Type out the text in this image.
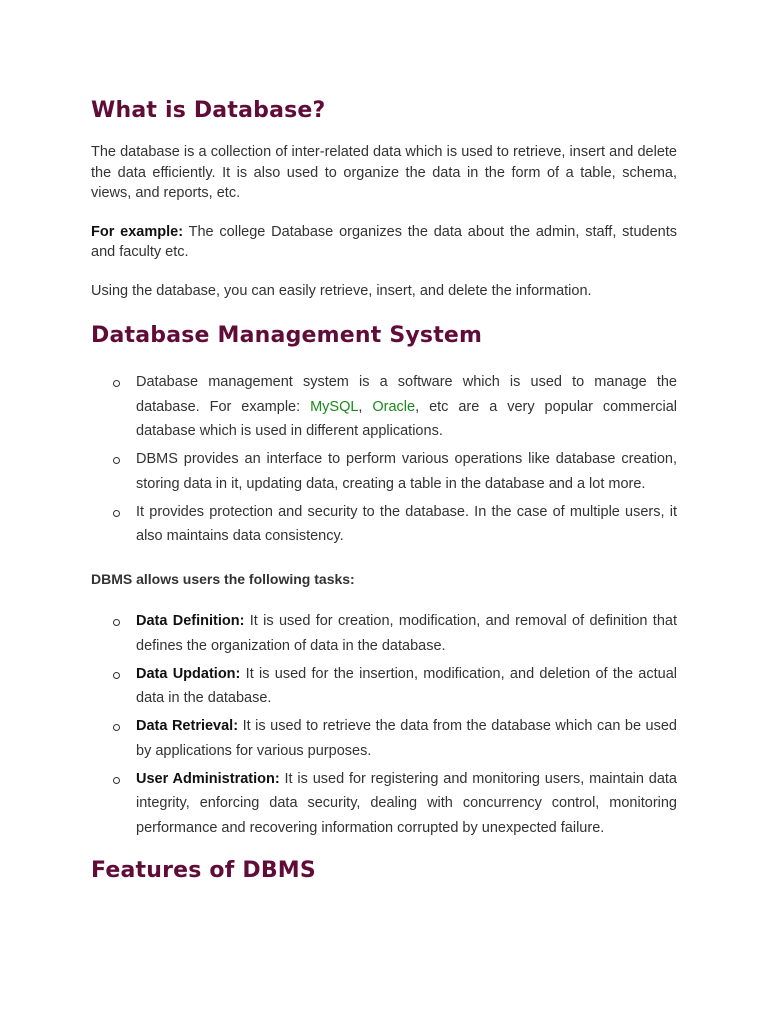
What is Database?

The database is a collection of inter-related data which is used to retrieve, insert and delete the data efficiently. It is also used to organize the data in the form of a table, schema, views, and reports, etc.

For example: The college Database organizes the data about the admin, staff, students and faculty etc.

Using the database, you can easily retrieve, insert, and delete the information.

Database Management System
Database management system is a software which is used to manage the database. For example: MySQL, Oracle, etc are a very popular commercial database which is used in different applications.
DBMS provides an interface to perform various operations like database creation, storing data in it, updating data, creating a table in the database and a lot more.
It provides protection and security to the database. In the case of multiple users, it also maintains data consistency.

DBMS allows users the following tasks:

Data Definition: It is used for creation, modification, and removal of definition that defines the organization of data in the database.
Data Updation: It is used for the insertion, modification, and deletion of the actual data in the database.
Data Retrieval: It is used to retrieve the data from the database which can be used by applications for various purposes.
User Administration: It is used for registering and monitoring users, maintain data integrity, enforcing data security, dealing with concurrency control, monitoring performance and recovering information corrupted by unexpected failure.
Features of DBMS
